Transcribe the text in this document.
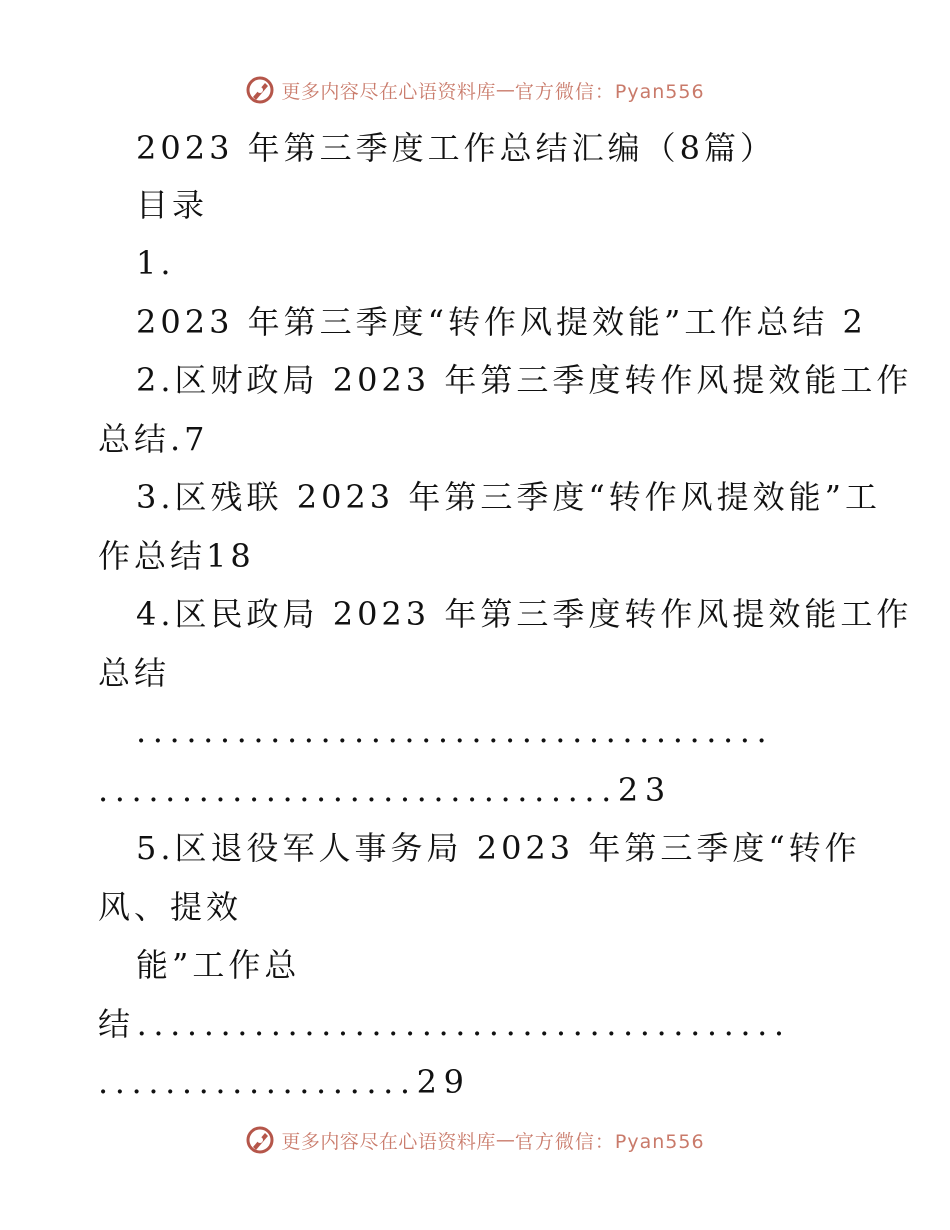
更多内容尽在心语资料库 — 官方微信：Pyan556
2023 年第三季度工作总结汇编（8篇）
目录
1.
2023 年第三季度“转作风提效能”工作总结 2
2.区财政局 2023 年第三季度转作风提效能工作
总结.7
3.区残联 2023 年第三季度“转作风提效能”工
作总结18
4.区民政局 2023 年第三季度转作风提效能工作
总结
......................................
...............................23
5.区退役军人事务局 2023 年第三季度“转作
风、提效
能”工作总
结.......................................
...................29
更多内容尽在心语资料库 — 官方微信：Pyan556
